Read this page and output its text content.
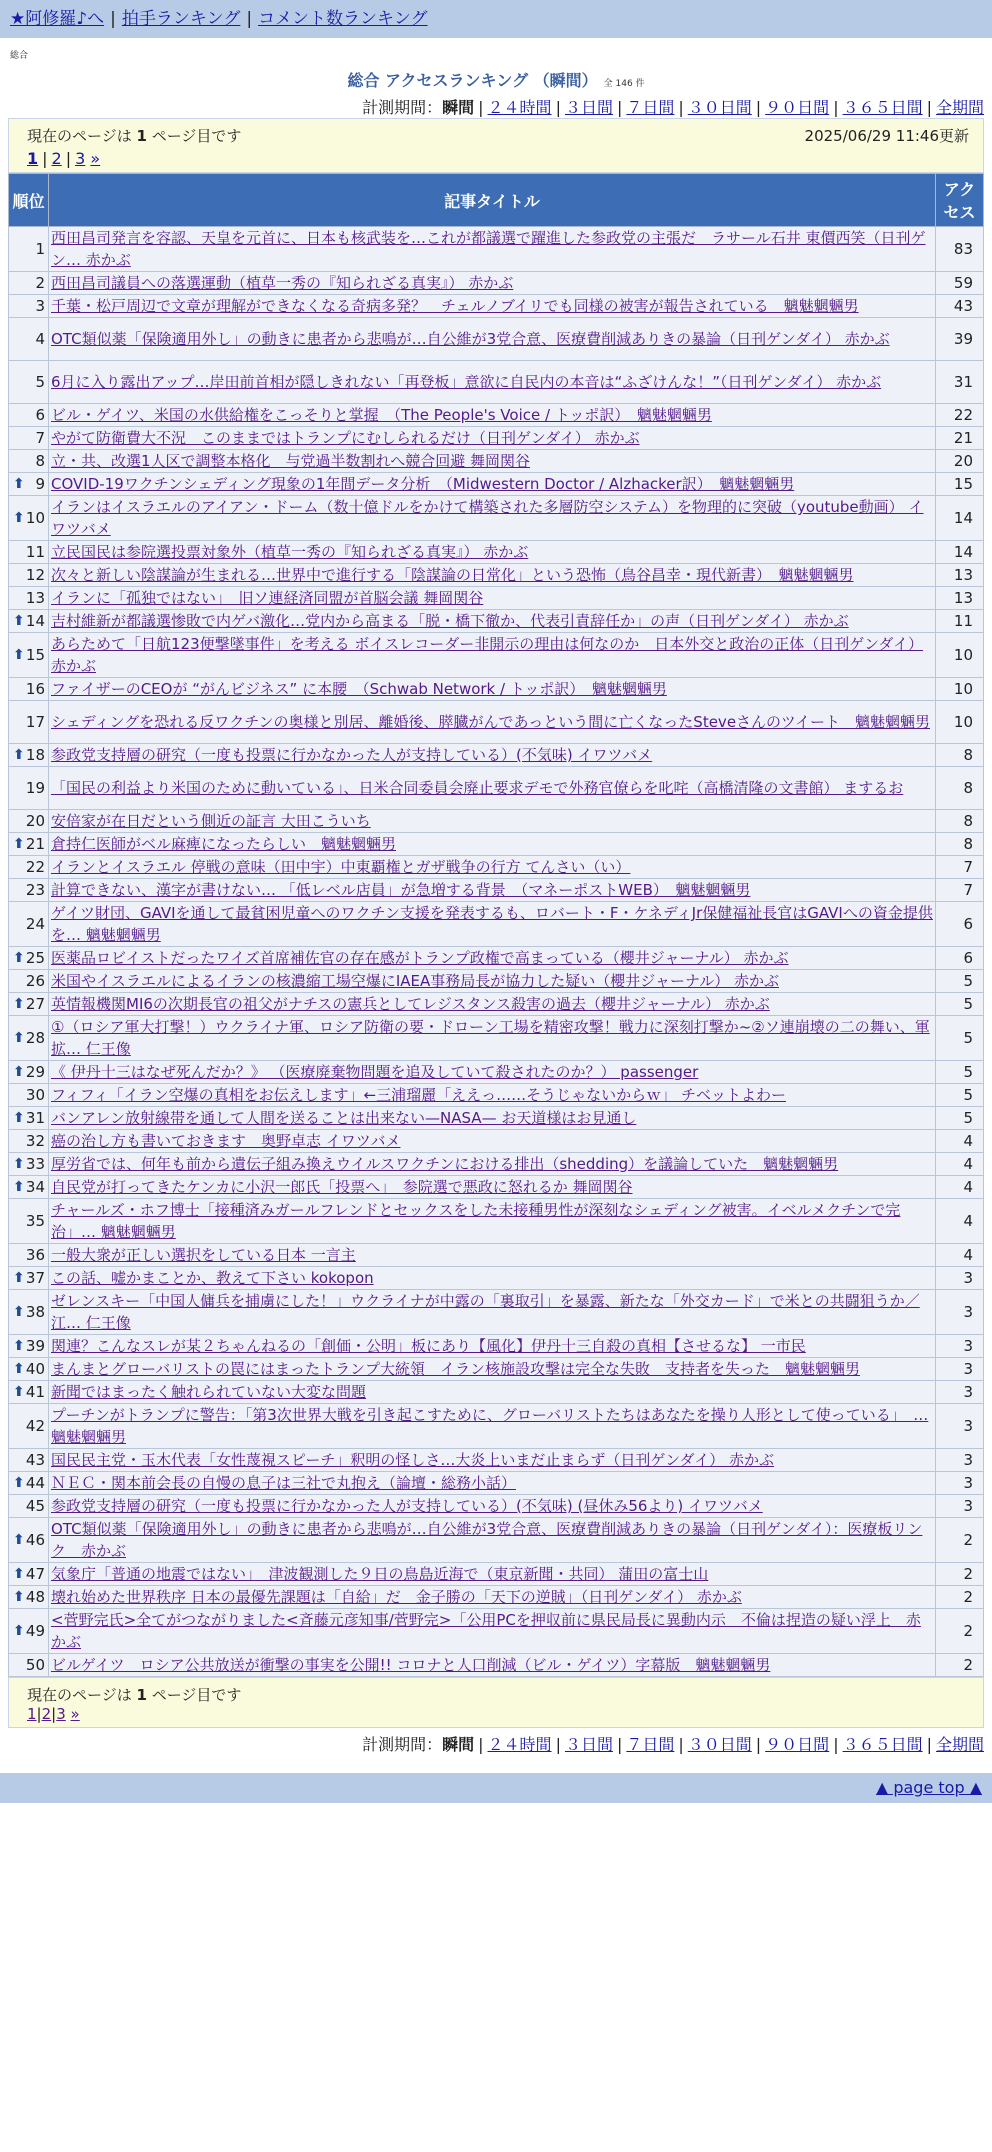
★阿修羅♪へ | 拍手ランキング | コメント数ランキング
総合
総合 アクセスランキング （瞬間） 全 146 件
計測期間：瞬間 | ２４時間 | ３日間 | ７日間 | ３０日間 | ９０日間 | ３６５日間 | 全期間
現在のページは 1 ページ目です	2025/06/29 11:46更新
1 | 2 | 3 »
順位	記事タイトル	アクセス
1	西田昌司発言を容認、天皇を元首に、日本も核武装を…これが都議選で躍進した参政党の主張だ　ラサール石井 東價西笑（日刊ゲン… 赤かぶ	83
2	西田昌司議員への落選運動（植草一秀の『知られざる真実』） 赤かぶ	59
3	千葉・松戸周辺で文章が理解ができなくなる奇病多発？　チェルノブイリでも同様の被害が報告されている　魑魅魍魎男	43
4	OTC類似薬「保険適用外し」の動きに患者から悲鳴が…自公維が3党合意、医療費削減ありきの暴論（日刊ゲンダイ） 赤かぶ	39
5	6月に入り露出アップ…岸田前首相が隠しきれない「再登板」意欲に自民内の本音は“ふざけんな！”（日刊ゲンダイ） 赤かぶ	31
6	ビル・ゲイツ、米国の水供給権をこっそりと掌握　（The People's Voice / トッポ訳）　魑魅魍魎男	22
7	やがて防衛費大不況　このままではトランプにむしられるだけ（日刊ゲンダイ） 赤かぶ	21
8	立・共、改選1人区で調整本格化　与党過半数割れへ競合回避 舞岡関谷	20

⬆ 9	COVID-19ワクチンシェディング現象の1年間データ分析　（Midwestern Doctor / Alzhacker訳）　魑魅魍魎男	15

⬆ 10	イランはイスラエルのアイアン・ドーム（数十億ドルをかけて構築された多層防空システム）を物理的に突破（youtube動画） イワツバメ	14
11	立民国民は参院選投票対象外（植草一秀の『知られざる真実』） 赤かぶ	14
12	次々と新しい陰謀論が生まれる…世界中で進行する「陰謀論の日常化」という恐怖（鳥谷昌幸・現代新書）　魑魅魍魎男	13
13	イランに「孤独ではない」　旧ソ連経済同盟が首脳会議 舞岡関谷	13

⬆ 14	吉村維新が都議選惨敗で内ゲバ激化…党内から高まる「脱・橋下徹か、代表引責辞任か」の声（日刊ゲンダイ） 赤かぶ	11

⬆ 15	あらためて「日航123便撃墜事件」を考える ボイスレコーダー非開示の理由は何なのか　日本外交と政治の正体（日刊ゲンダイ） 赤かぶ	10
16	ファイザーのCEOが “がんビジネス” に本腰　（Schwab Network / トッポ訳）　魑魅魍魎男	10
17	シェディングを恐れる反ワクチンの奥様と別居、離婚後、膵臓がんであっという間に亡くなったSteveさんのツイート　魑魅魍魎男	10

⬆ 18	参政党支持層の研究（一度も投票に行かなかった人が支持している）(不気味) イワツバメ	8
19	「国民の利益より米国のために動いている」、日米合同委員会廃止要求デモで外務官僚らを叱咤（高橋清隆の文書館） まするお	8
20	安倍家が在日だという側近の証言 大田こういち	8

⬆ 21	倉持仁医師がベル麻痺になったらしい　魑魅魍魎男	8
22	イランとイスラエル 停戦の意味（田中宇）中東覇権とガザ戦争の行方 てんさい（い）	7
23	計算できない、漢字が書けない… 「低レベル店員」が急増する背景　（マネーポストWEB）　魑魅魍魎男	7
24	ゲイツ財団、GAVIを通して最貧困児童へのワクチン支援を発表するも、ロバート・F・ケネディJr保健福祉長官はGAVIへの資金提供を… 魑魅魍魎男	6

⬆ 25	医薬品ロビイストだったワイズ首席補佐官の存在感がトランプ政権で高まっている（櫻井ジャーナル） 赤かぶ	6
26	米国やイスラエルによるイランの核濃縮工場空爆にIAEA事務局長が協力した疑い（櫻井ジャーナル） 赤かぶ	5

⬆ 27	英情報機関MI6の次期長官の祖父がナチスの憲兵としてレジスタンス殺害の過去（櫻井ジャーナル） 赤かぶ	5

⬆ 28	①（ロシア軍大打撃！）ウクライナ軍、ロシア防衛の要・ドローン工場を精密攻撃！戦力に深刻打撃か~②ソ連崩壊の二の舞い、軍拡… 仁王像	5

⬆ 29	《 伊丹十三はなぜ死んだか？》 （医療廃棄物問題を追及していて殺されたのか？） passenger	5
30	フィフィ「イラン空爆の真相をお伝えします」←三浦瑠麗「ええっ……そうじゃないからｗ」 チベットよわー	5

⬆ 31	バンアレン放射線帯を通して人間を送ることは出来ない—NASA— お天道様はお見通し	5
32	癌の治し方も書いておきます　奥野卓志 イワツバメ	4

⬆ 33	厚労省では、何年も前から遺伝子組み換えウイルスワクチンにおける排出（shedding）を議論していた　魑魅魍魎男	4

⬆ 34	自民党が打ってきたケンカに小沢一郎氏「投票へ」　参院選で悪政に怒れるか 舞岡関谷	4
35	チャールズ・ホフ博士「接種済みガールフレンドとセックスをした未接種男性が深刻なシェディング被害。イベルメクチンで完治」… 魑魅魍魎男	4
36	一般大衆が正しい選択をしている日本 一言主	4

⬆ 37	この話、嘘かまことか、教えて下さい kokopon	3

⬆ 38	ゼレンスキー「中国人傭兵を捕虜にした！」ウクライナが中露の「裏取引」を暴露、新たな「外交カード」で米との共闘狙うか／江… 仁王像	3

⬆ 39	関連？こんなスレが某２ちゃんねるの「創価・公明」板にあり【風化】伊丹十三自殺の真相【させるな】 一市民	3

⬆ 40	まんまとグローバリストの罠にはまったトランプ大統領　イラン核施設攻撃は完全な失敗　支持者を失った　魑魅魍魎男	3

⬆ 41	新聞ではまったく触れられていない大変な問題	3
42	プーチンがトランプに警告：「第3次世界大戦を引き起こすために、グローバリストたちはあなたを操り人形として使っている」　… 魑魅魍魎男	3
43	国民民主党・玉木代表「女性蔑視スピーチ」釈明の怪しさ…大炎上いまだ止まらず（日刊ゲンダイ） 赤かぶ	3

⬆ 44	ＮＥＣ・関本前会長の自慢の息子は三社で丸抱え（論壇・総務小話）	3
45	参政党支持層の研究（一度も投票に行かなかった人が支持している）(不気味) (昼休み56より) イワツバメ	3

⬆ 46	OTC類似薬「保険適用外し」の動きに患者から悲鳴が…自公維が3党合意、医療費削減ありきの暴論（日刊ゲンダイ）：医療板リンク　赤かぶ	2

⬆ 47	気象庁「普通の地震ではない」　津波観測した９日の鳥島近海で（東京新聞・共同） 蒲田の富士山	2

⬆ 48	壊れ始めた世界秩序 日本の最優先課題は「自給」だ　金子勝の「天下の逆賊」（日刊ゲンダイ） 赤かぶ	2

⬆ 49	<菅野完氏>全てがつながりました<斉藤元彦知事/菅野完>「公用PCを押収前に県民局長に異動内示　不倫は捏造の疑い浮上　赤かぶ	2
50	ビルゲイツ　ロシア公共放送が衝撃の事実を公開!! コロナと人口削減（ビル・ゲイツ）字幕版　魑魅魍魎男	2
現在のページは 1 ページ目です
1|2|3 »
計測期間：瞬間 | ２４時間 | ３日間 | ７日間 | ３０日間 | ９０日間 | ３６５日間 | 全期間
▲ page top ▲
